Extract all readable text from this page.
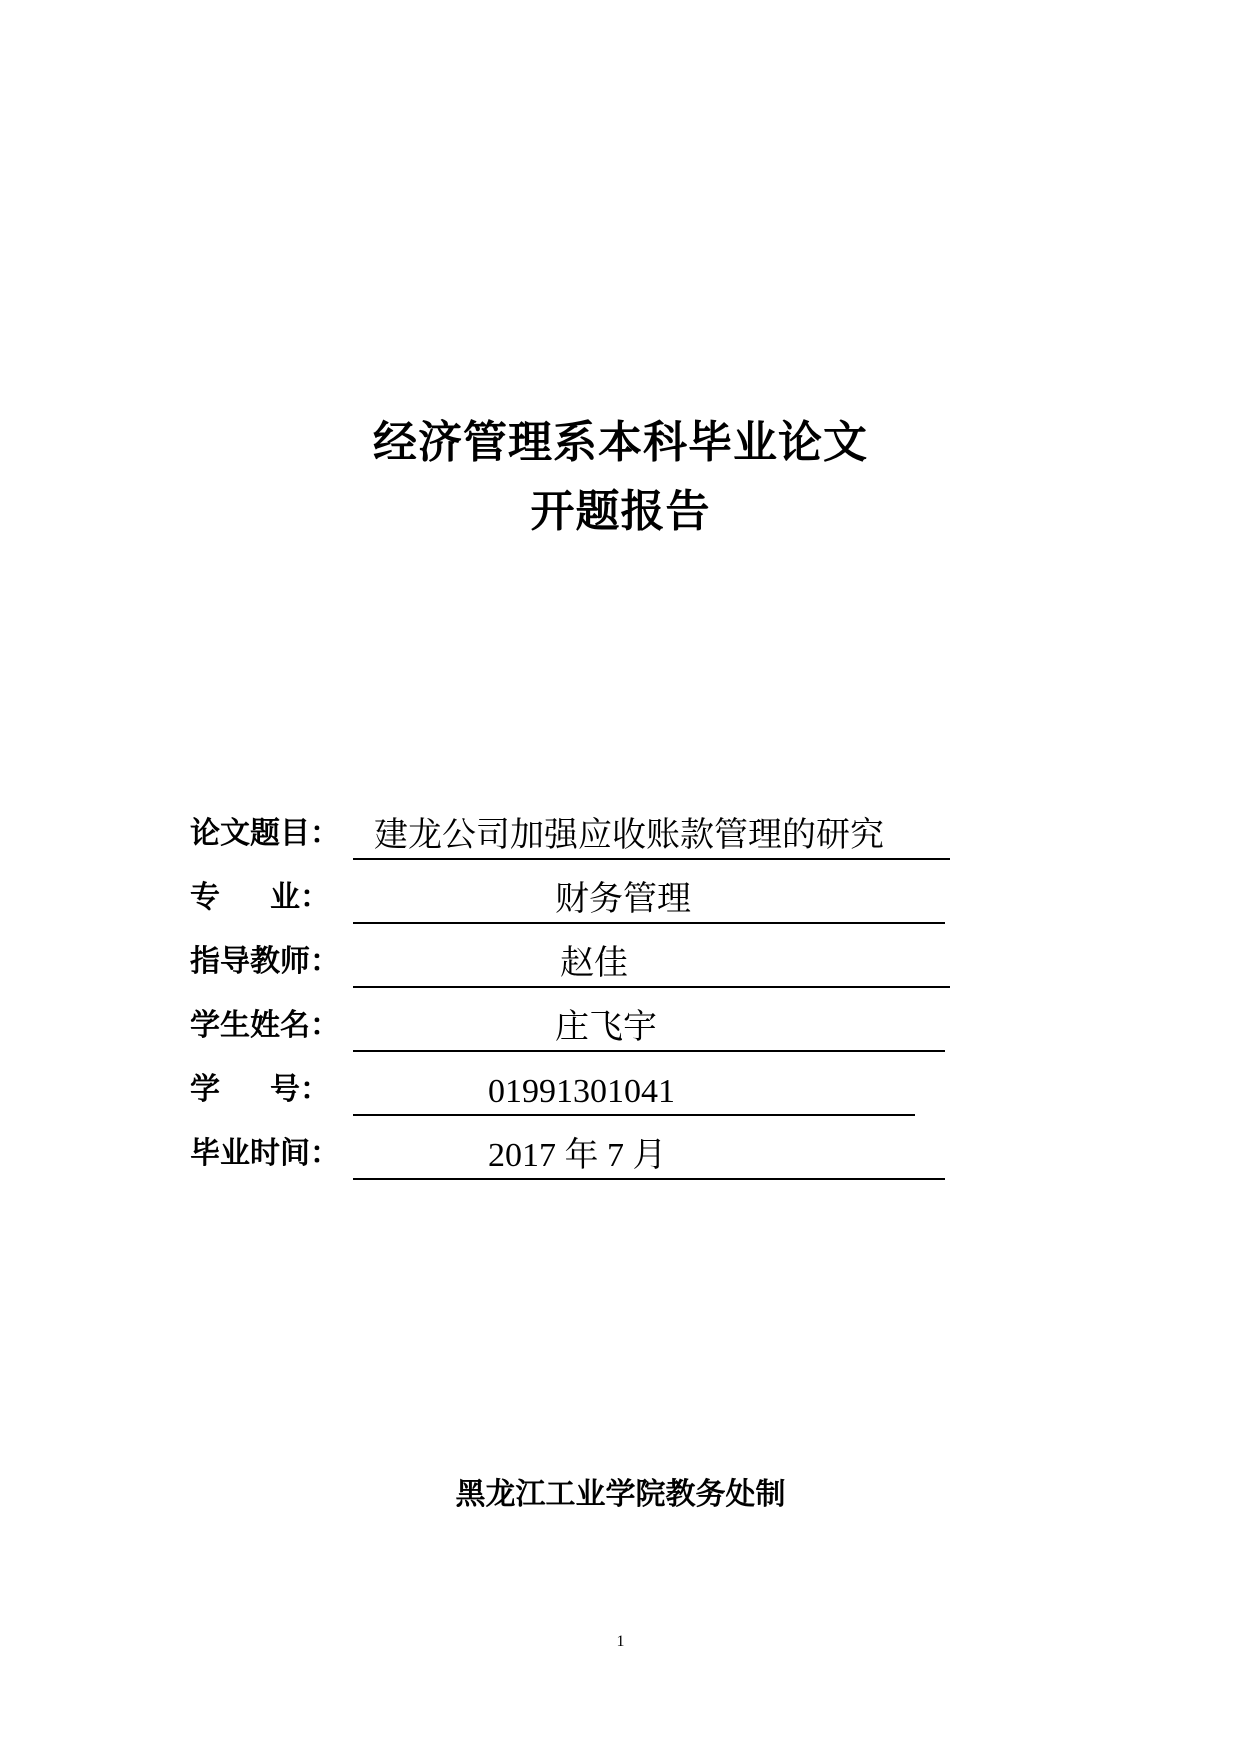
经济管理系本科毕业论文
开题报告
论文题目： 建龙公司加强应收账款管理的研究
专 业：	财务管理
指导教师：	赵佳
学生姓名：	庄飞宇
学 号：	01991301041
毕业时间：	2017 年 7 月
黑龙江工业学院教务处制
1
